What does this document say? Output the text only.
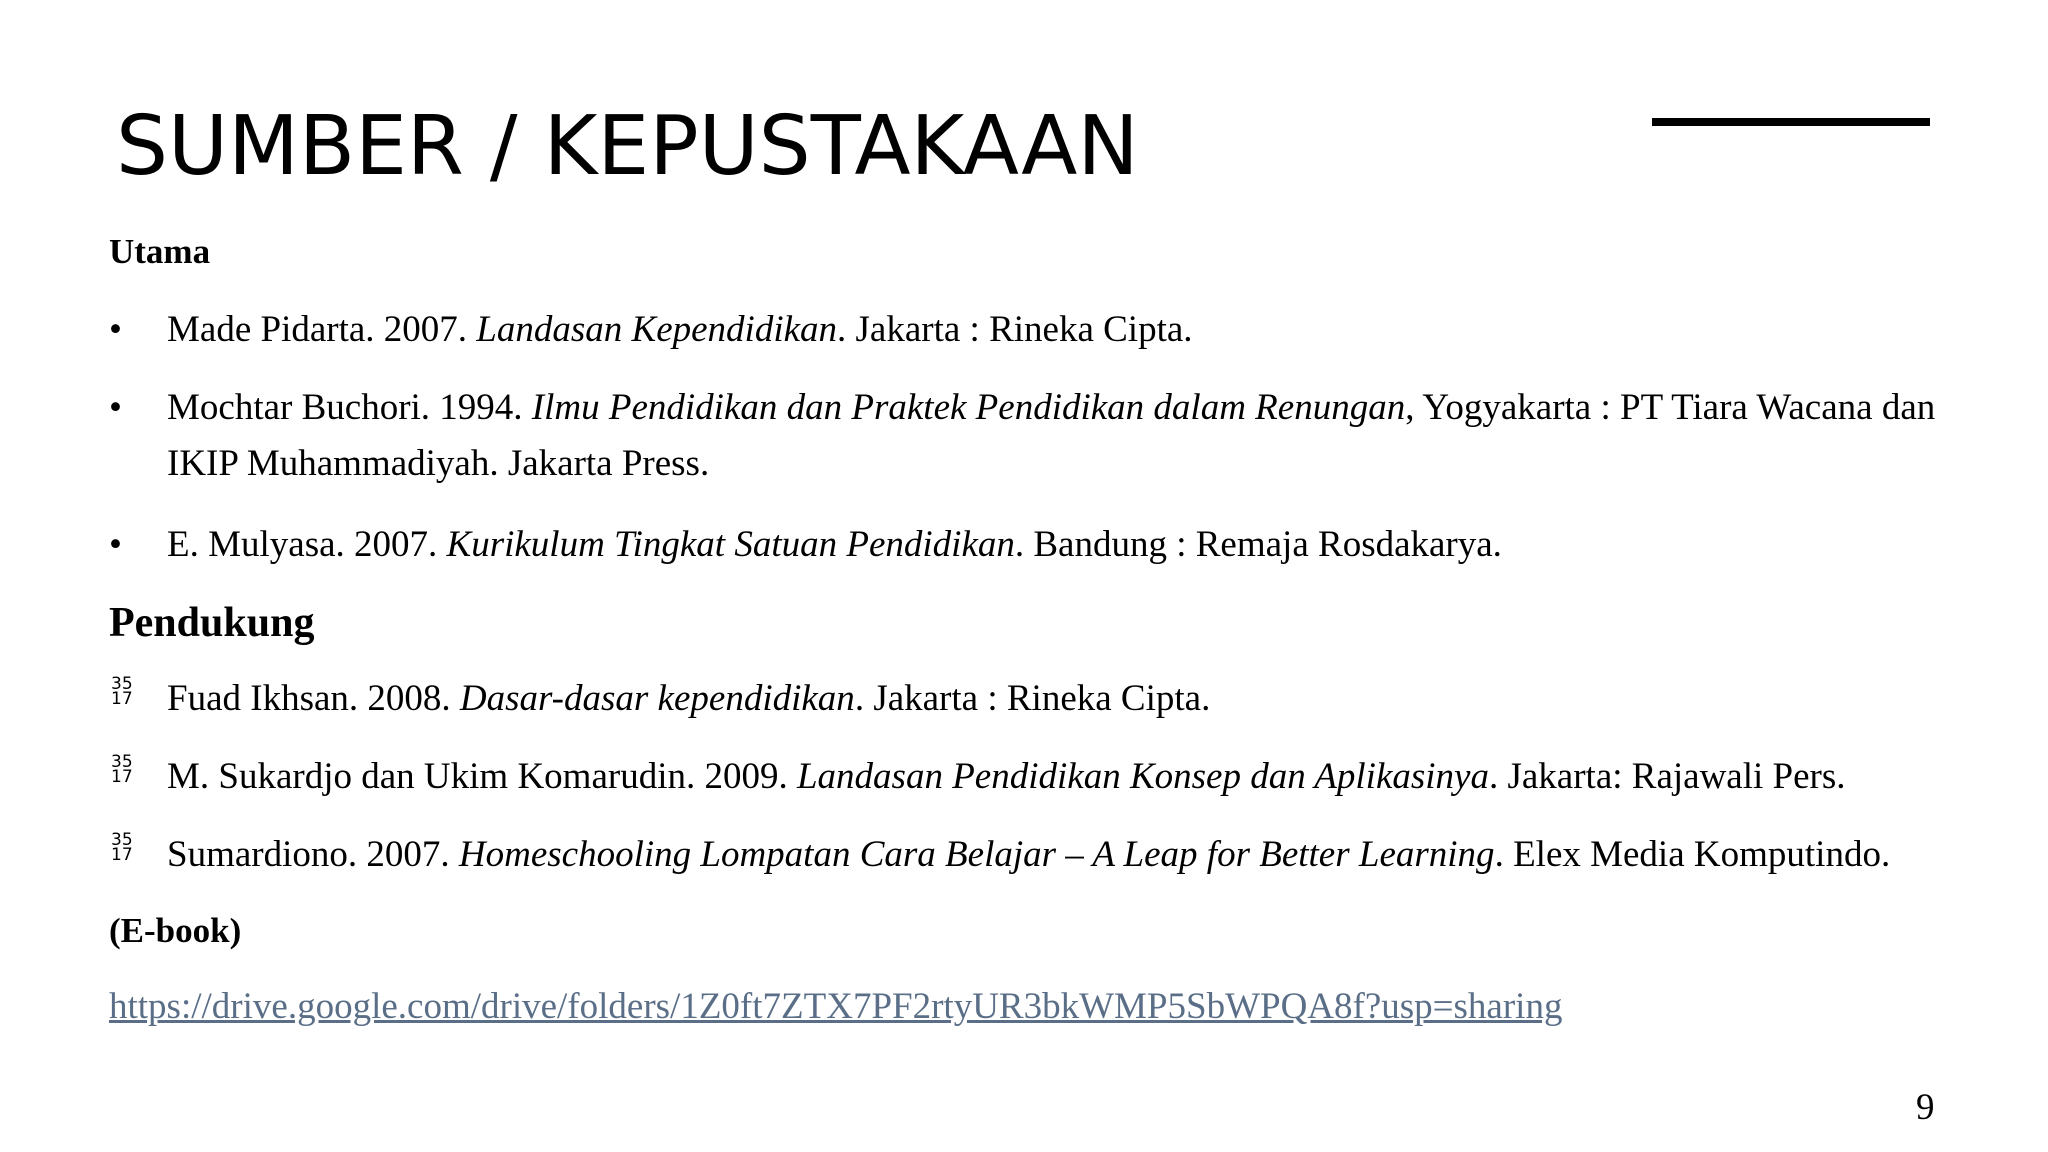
SUMBER / KEPUSTAKAAN

Utama

• Made Pidarta. 2007. Landasan Kependidikan. Jakarta : Rineka Cipta.
• Mochtar Buchori. 1994. Ilmu Pendidikan dan Praktek Pendidikan dalam Renungan, Yogyakarta : PT Tiara Wacana dan IKIP Muhammadiyah. Jakarta Press.
• E. Mulyasa. 2007. Kurikulum Tingkat Satuan Pendidikan. Bandung : Remaja Rosdakarya.

Pendukung

35
17 Fuad Ikhsan. 2008. Dasar-dasar kependidikan. Jakarta : Rineka Cipta.
35
17 M. Sukardjo dan Ukim Komarudin. 2009. Landasan Pendidikan Konsep dan Aplikasinya. Jakarta: Rajawali Pers.
35
17 Sumardiono. 2007. Homeschooling Lompatan Cara Belajar – A Leap for Better Learning. Elex Media Komputindo.

(E-book)

https://drive.google.com/drive/folders/1Z0ft7ZTX7PF2rtyUR3bkWMP5SbWPQA8f?usp=sharing

9
